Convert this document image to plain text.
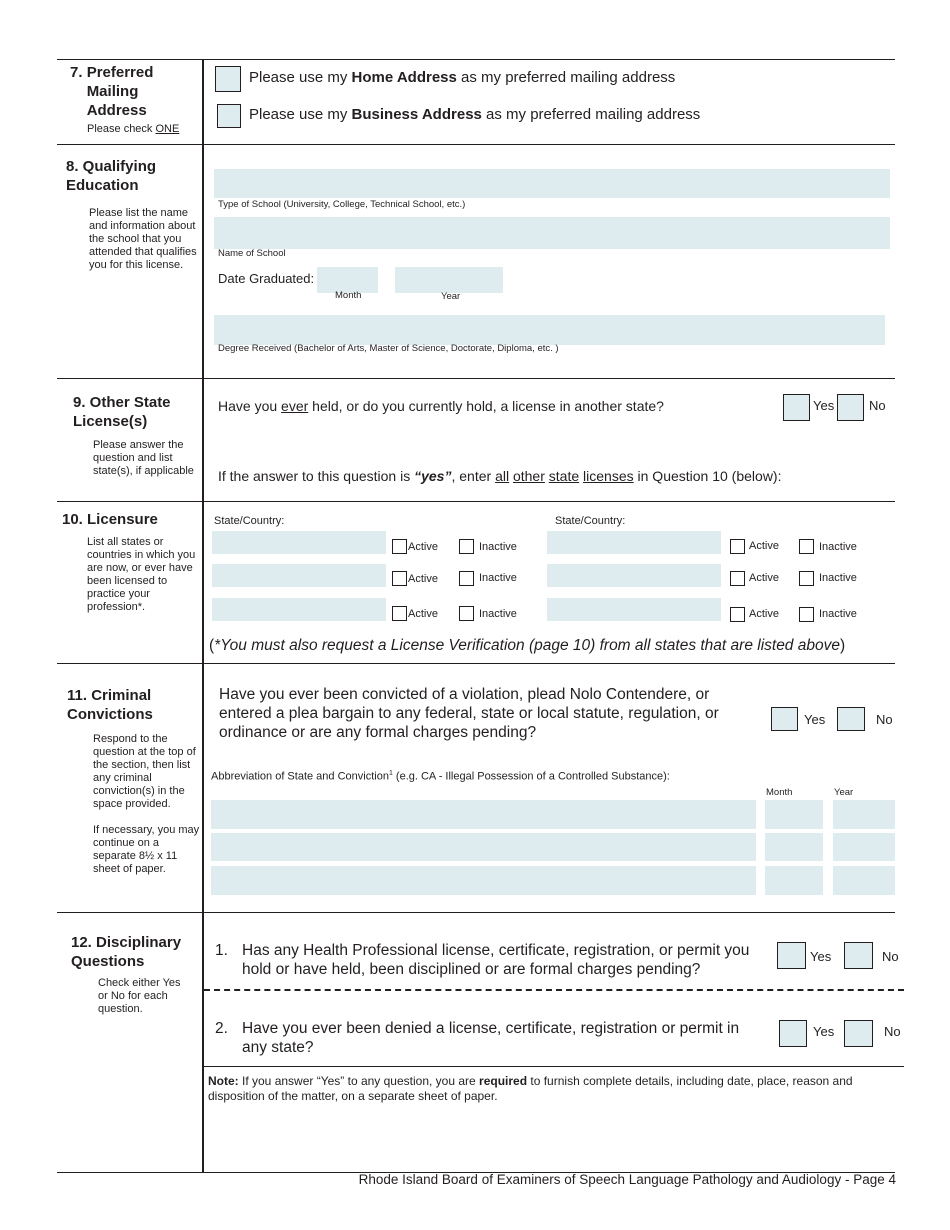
7. Preferred Mailing Address
Please check ONE
Please use my Home Address as my preferred mailing address
Please use my Business Address as my preferred mailing address
8. Qualifying Education
Please list the name and information about the school that you attended that qualifies you for this license.
Type of School (University, College, Technical School, etc.)
Name of School
Date Graduated:
Month	Year
Degree Received (Bachelor of Arts, Master of Science, Doctorate, Diploma, etc. )
9. Other State License(s)
Please answer the question and list state(s), if applicable
Have you ever held, or do you currently hold, a license in another state?	Yes	No
If the answer to this question is “yes”, enter all other state licenses in Question 10 (below):
10. Licensure
List all states or countries in which you are now, or ever have been licensed to practice your profession*.
State/Country:	State/Country:
Active	Inactive	Active	Inactive
Active	Inactive	Active	Inactive
Active	Inactive	Active	Inactive
(*You must also request a License Verification (page 10) from all states that are listed above)
11. Criminal Convictions
Respond to the question at the top of the section, then list any criminal conviction(s) in the space provided.
If necessary, you may continue on a separate 8½ x 11 sheet of paper.
Have you ever been convicted of a violation, plead Nolo Contendere, or entered a plea bargain to any federal, state or local statute, regulation, or ordinance or are any formal charges pending?
Yes	No
Abbreviation of State and Conviction$^1$ (e.g. CA - Illegal Possession of a Controlled Substance):
Month	Year
12. Disciplinary Questions
Check either Yes or No for each question.
1. Has any Health Professional license, certificate, registration, or permit you hold or have held, been disciplined or are formal charges pending?
Yes	No
2. Have you ever been denied a license, certificate, registration or permit in any state?
Yes	No
Note: If you answer “Yes” to any question, you are required to furnish complete details, including date, place, reason and disposition of the matter, on a separate sheet of paper.
Rhode Island Board of Examiners of Speech Language Pathology and Audiology - Page 4
